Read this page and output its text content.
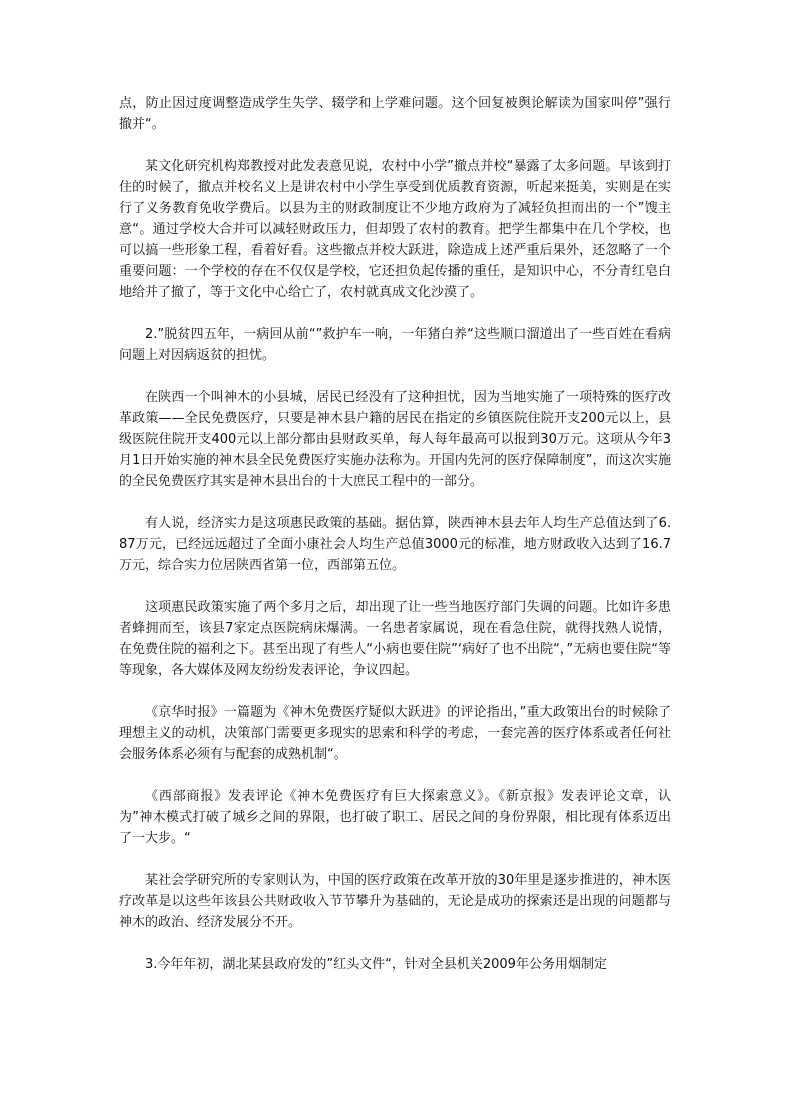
点，防止因过度调整造成学生失学、辍学和上学难问题。这个回复被舆论解读为国家叫停”强行撤并“。

某文化研究机构郑教授对此发表意见说，农村中小学”撤点并校“暴露了太多问题。早该到打住的时候了，撤点并校名义上是讲农村中小学生享受到优质教育资源，听起来挺美，实则是在实行了义务教育免收学费后。以县为主的财政制度让不少地方政府为了减轻负担而出的一个”馊主意“。通过学校大合并可以减轻财政压力，但却毁了农村的教育。把学生都集中在几个学校，也可以搞一些形象工程，看着好看。这些撤点并校大跃进，除造成上述严重后果外，还忽略了一个重要问题：一个学校的存在不仅仅是学校，它还担负起传播的重任，是知识中心，不分青红皂白地给并了撤了，等于文化中心给亡了，农村就真成文化沙漠了。

2.”脱贫四五年，一病回从前“”救护车一响，一年猪白养“这些顺口溜道出了一些百姓在看病问题上对因病返贫的担忧。

在陕西一个叫神木的小县城，居民已经没有了这种担忧，因为当地实施了一项特殊的医疗改革政策——全民免费医疗，只要是神木县户籍的居民在指定的乡镇医院住院开支200元以上，县级医院住院开支400元以上部分都由县财政买单，每人每年最高可以报到30万元。这项从今年3月1日开始实施的神木县全民免费医疗实施办法称为。开国内先河的医疗保障制度”，而这次实施的全民免费医疗其实是神木县出台的十大庶民工程中的一部分。

有人说，经济实力是这项惠民政策的基础。据估算，陕西神木县去年人均生产总值达到了6.87万元，已经远远超过了全面小康社会人均生产总值3000元的标准，地方财政收入达到了16.7万元，综合实力位居陕西省第一位，西部第五位。

这项惠民政策实施了两个多月之后，却出现了让一些当地医疗部门失调的问题。比如许多患者蜂拥而至，该县7家定点医院病床爆满。一名患者家属说，现在看急住院，就得找熟人说情，在免费住院的福利之下。甚至出现了有些人“小病也要住院”‘病好了也不出院“，”无病也要住院“等等现象，各大媒体及网友纷纷发表评论，争议四起。

《京华时报》一篇题为《神木免费医疗疑似大跃进》的评论指出，”重大政策出台的时候除了理想主义的动机，决策部门需要更多现实的思索和科学的考虑，一套完善的医疗体系或者任何社会服务体系必须有与配套的成熟机制“。

《西部商报》发表评论《神木免费医疗有巨大探索意义》。《新京报》发表评论文章，认为”神木模式打破了城乡之间的界限，也打破了职工、居民之间的身份界限，相比现有体系迈出了一大步。“

某社会学研究所的专家则认为，中国的医疗政策在改革开放的30年里是逐步推进的，神木医疗改革是以这些年该县公共财政收入节节攀升为基础的，无论是成功的探索还是出现的问题都与神木的政治、经济发展分不开。

3.今年年初，湖北某县政府发的”红头文件“，针对全县机关2009年公务用烟制定
